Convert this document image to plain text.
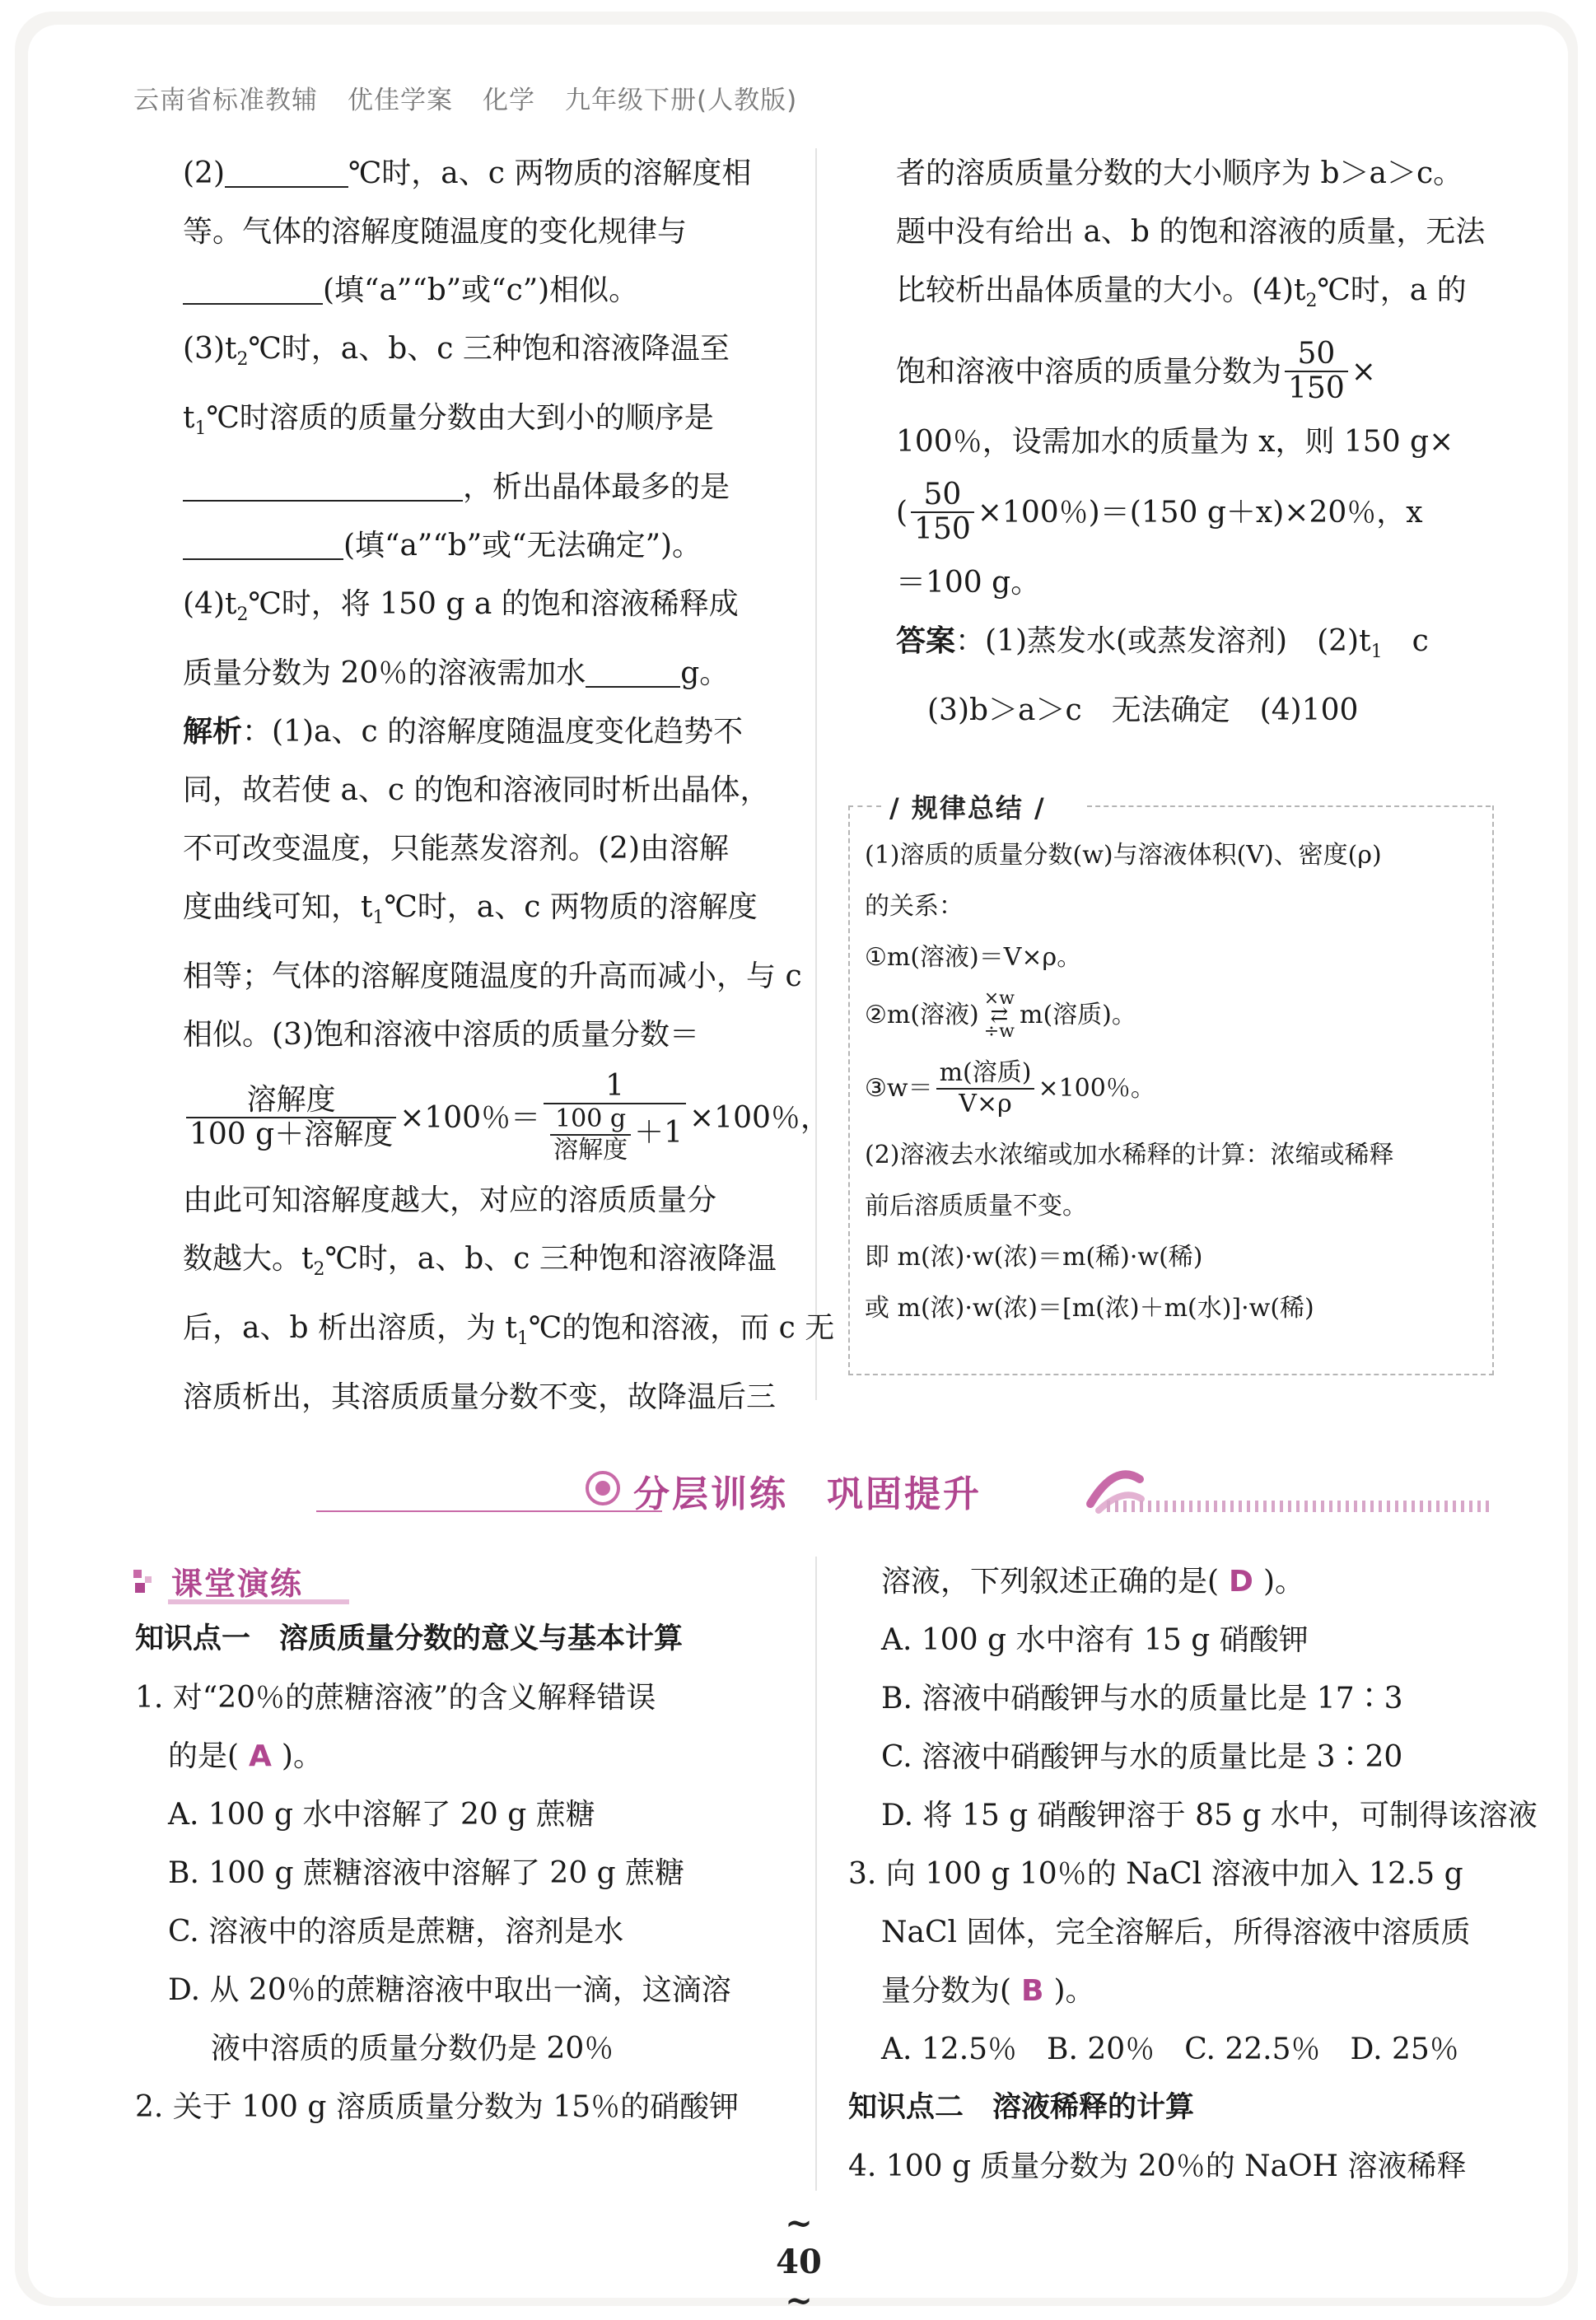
云南省标准教辅 优佳学案 化学 九年级下册(人教版)

(2)	℃时，a、c 两物质的溶解度相

等。气体的溶解度随温度的变化规律与

(填“a”“b”或“c”)相似。

$(3)t_2℃$时，a、b、c 三种饱和溶液降温至

$t_1℃$时溶质的质量分数由大到小的顺序是

，析出晶体最多的是

(填“a”“b”或“无法确定”)。

$(4)t_2℃$时，将 150 g a 的饱和溶液稀释成

质量分数为 20％的溶液需加水	g。

解析：(1)a、c 的溶解度随温度变化趋势不

同，故若使 a、c 的饱和溶液同时析出晶体，

不可改变温度，只能蒸发溶剂。(2)由溶解

度曲线可知，$t_1℃$时，a、c 两物质的溶解度

相等；气体的溶解度随温度的升高而减小，与 c

相似。(3)饱和溶液中溶质的质量分数＝

$\frac{\text{溶解度}}{\text{100 g＋溶解度}} \times 100$％＝ $\frac{1}{\frac{100 g}{\text{溶解度}} +1} \times 100$％，

由此可知溶解度越大，对应的溶质质量分

数越大。$t_2℃$时，a、b、c 三种饱和溶液降温

后，a、b 析出溶质，为 $t_1℃$的饱和溶液，而 c 无

溶质析出，其溶质质量分数不变，故降温后三

者的溶质质量分数的大小顺序为 b＞a＞c。

题中没有给出 a、b 的饱和溶液的质量，无法

比较析出晶体质量的大小。$(4)t_2℃$时，a 的

饱和溶液中溶质的质量分数为 $\frac{50}{150}$ ×

100％，设需加水的质量为 x，则 150 g×

( $\frac{50}{150} \times 100$％)＝(150 g＋x)×20％，x

＝100 g。

答案：(1)蒸发水(或蒸发溶剂)　$(2)t_1$　c

(3)b＞a＞c　无法确定　(4)100

/ 规律总结 /

(1)溶质的质量分数(w)与溶液体积(V)、密度(ρ)

的关系：

①m(溶液)＝V×ρ。

②m(溶液)
×w
⇄
÷w
m(溶质)。

③w＝ $\frac{\text{m(溶质)}}{V\times\rho} \times 100$％。

(2)溶液去水浓缩或加水稀释的计算：浓缩或稀释

前后溶质质量不变。

即 m(浓)·w(浓)＝m(稀)·w(稀)

或 m(浓)·w(浓)＝[m(浓)＋m(水)]·w(稀)

分层训练　巩固提升
课堂演练

知识点一　溶质质量分数的意义与基本计算

1. 对“20％的蔗糖溶液”的含义解释错误

的是( A )。

A. 100 g 水中溶解了 20 g 蔗糖

B. 100 g 蔗糖溶液中溶解了 20 g 蔗糖

C. 溶液中的溶质是蔗糖，溶剂是水

D. 从 20％的蔗糖溶液中取出一滴，这滴溶

液中溶质的质量分数仍是 20％

2. 关于 100 g 溶质质量分数为 15％的硝酸钾

溶液，下列叙述正确的是( D )。

A. 100 g 水中溶有 15 g 硝酸钾

B. 溶液中硝酸钾与水的质量比是 17∶3

C. 溶液中硝酸钾与水的质量比是 3∶20

D. 将 15 g 硝酸钾溶于 85 g 水中，可制得该溶液

3. 向 100 g 10％的 NaCl 溶液中加入 12.5 g

NaCl 固体，完全溶解后，所得溶液中溶质质

量分数为( B )。

A. 12.5％　B. 20％　C. 22.5％　D. 25％

知识点二　溶液稀释的计算

4. 100 g 质量分数为 20％的 NaOH 溶液稀释

~ 40 ~
